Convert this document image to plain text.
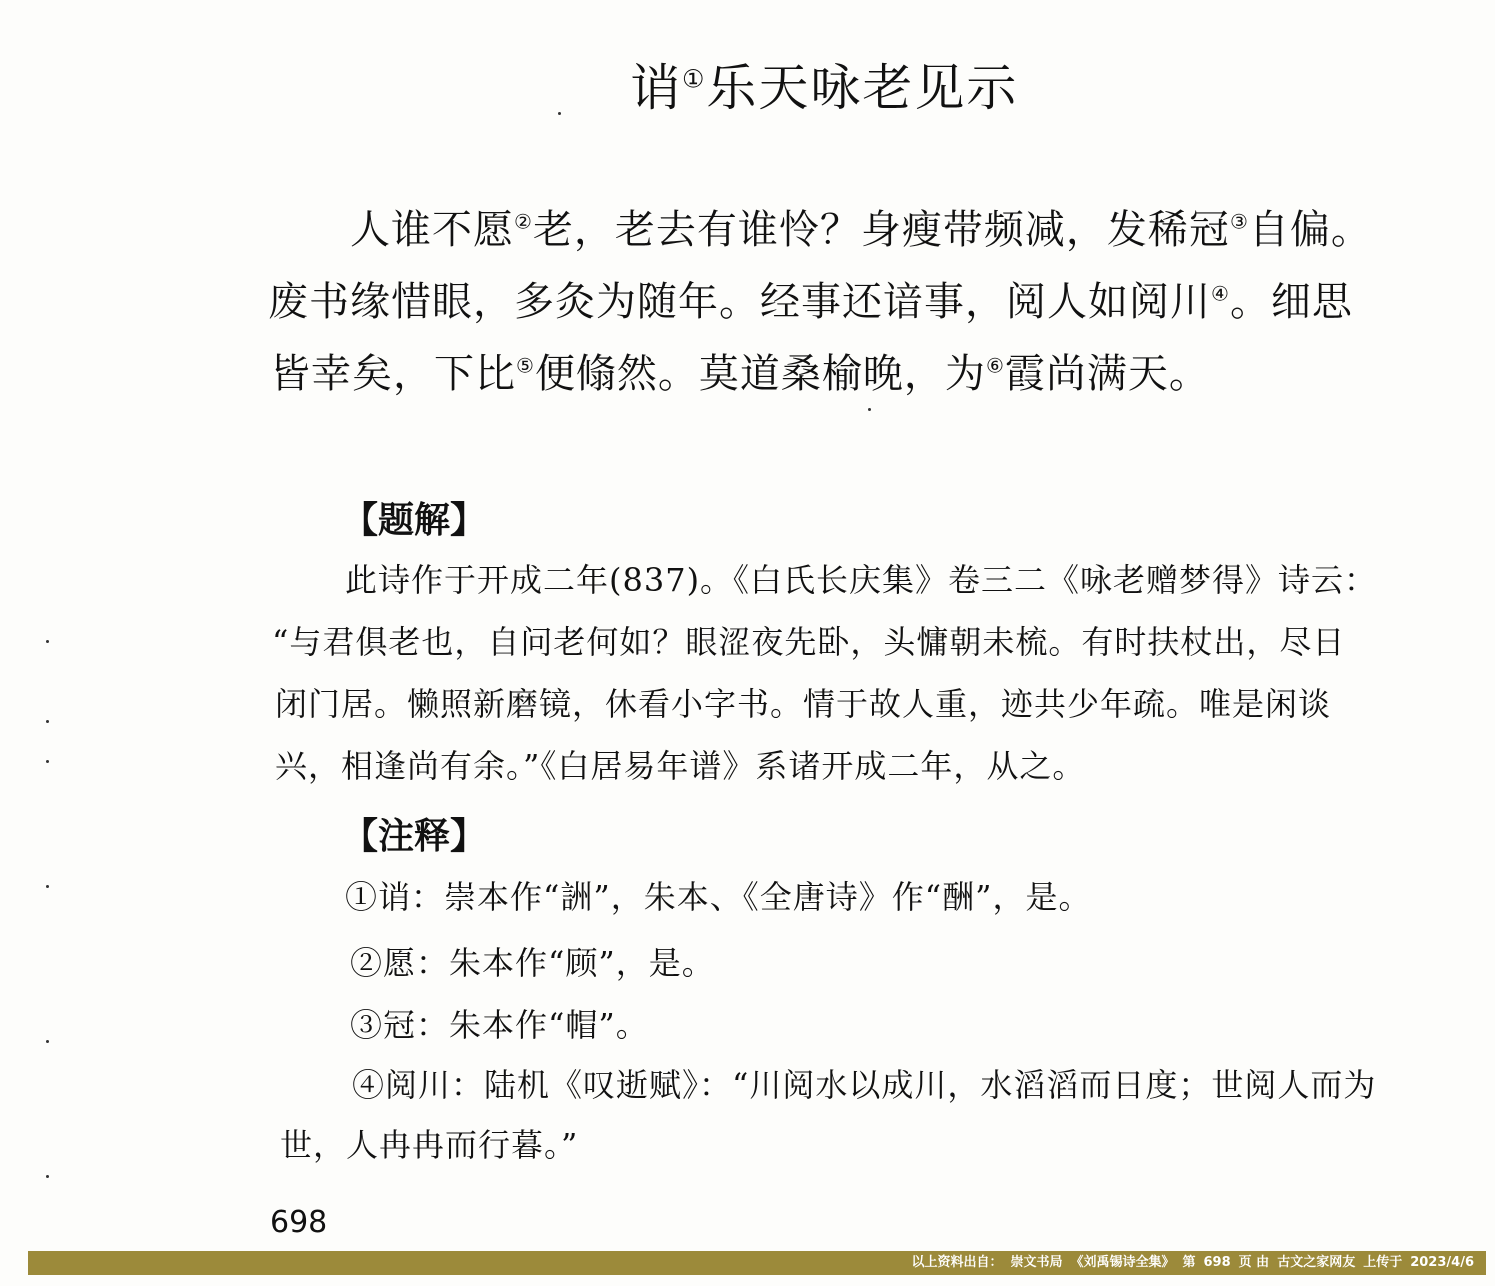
诮①乐天咏老见示
人谁不愿②老，老去有谁怜？身瘦带频减，发稀冠③自偏。
废书缘惜眼，多灸为随年。经事还谙事，阅人如阅川④。细思
皆幸矣，下比⑤便翛然。莫道桑榆晚，为⑥霞尚满天。
【题解】
此诗作于开成二年(837)。《白氏长庆集》卷三二《咏老赠梦得》诗云：
“与君俱老也，自问老何如？眼涩夜先卧，头慵朝未梳。有时扶杖出，尽日
闭门居。懒照新磨镜，休看小字书。情于故人重，迹共少年疏。唯是闲谈
兴，相逢尚有余。”《白居易年谱》系诸开成二年，从之。
【注释】
①诮：崇本作“詶”，朱本、《全唐诗》作“酬”，是。
②愿：朱本作“顾”，是。
③冠：朱本作“帽”。
④阅川：陆机《叹逝赋》：“川阅水以成川，水滔滔而日度；世阅人而为
世，人冉冉而行暮。”
698
以上资料出自： 崇文书局 《刘禹锡诗全集》 第 698 页 由 古文之家网友 上传于 2023/4/6
